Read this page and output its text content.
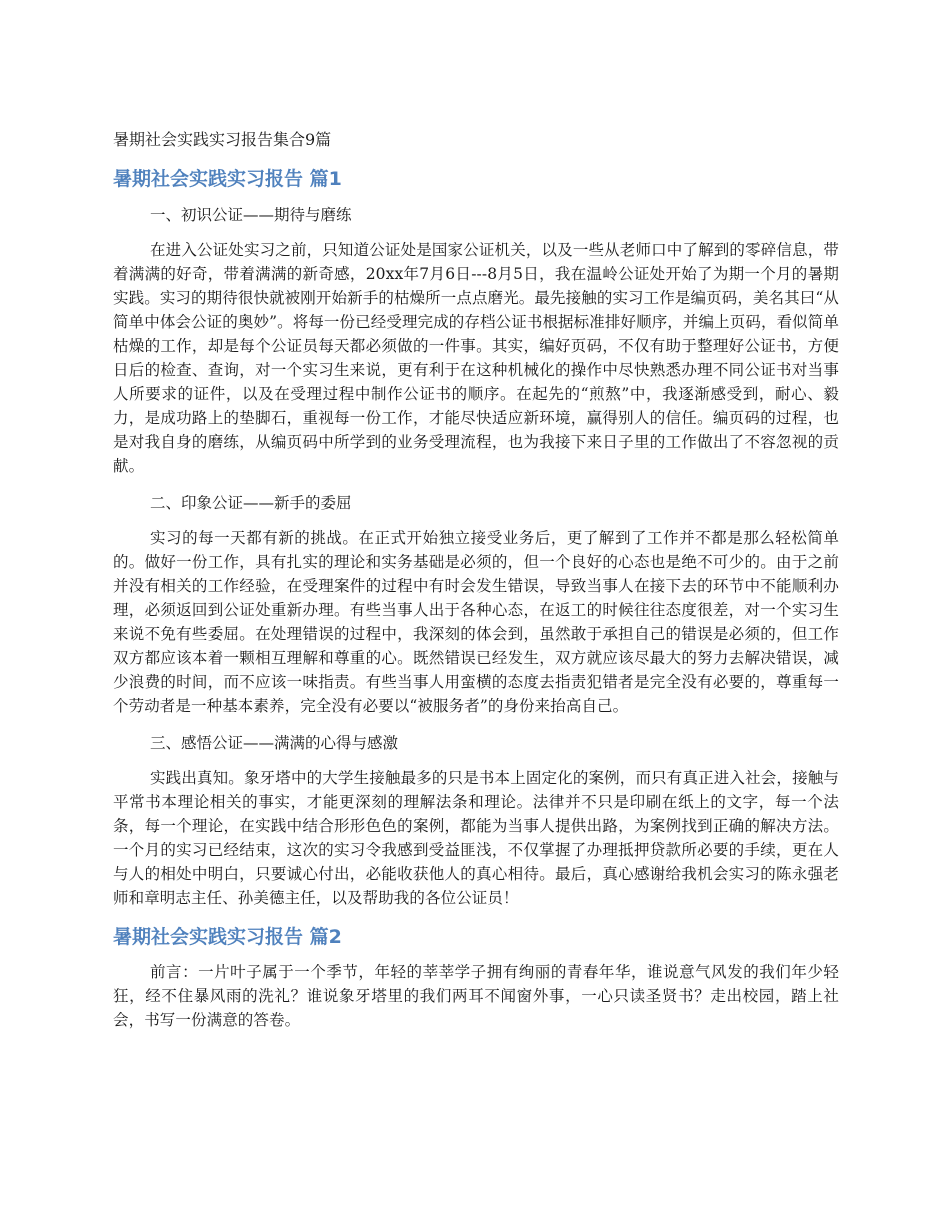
暑期社会实践实习报告集合9篇
暑期社会实践实习报告 篇1
一、初识公证——期待与磨练

在进入公证处实习之前，只知道公证处是国家公证机关，以及一些从老师口中了解到的零碎信息，带着满满的好奇，带着满满的新奇感，20xx年7月6日---8月5日，我在温岭公证处开始了为期一个月的暑期实践。实习的期待很快就被刚开始新手的枯燥所一点点磨光。最先接触的实习工作是编页码，美名其曰“从简单中体会公证的奥妙”。将每一份已经受理完成的存档公证书根据标准排好顺序，并编上页码，看似简单枯燥的工作，却是每个公证员每天都必须做的一件事。其实，编好页码，不仅有助于整理好公证书，方便日后的检查、查询，对一个实习生来说，更有利于在这种机械化的操作中尽快熟悉办理不同公证书对当事人所要求的证件，以及在受理过程中制作公证书的顺序。在起先的“煎熬”中，我逐渐感受到，耐心、毅力，是成功路上的垫脚石，重视每一份工作，才能尽快适应新环境，赢得别人的信任。编页码的过程，也是对我自身的磨练，从编页码中所学到的业务受理流程，也为我接下来日子里的工作做出了不容忽视的贡献。

二、印象公证——新手的委屈

实习的每一天都有新的挑战。在正式开始独立接受业务后，更了解到了工作并不都是那么轻松简单的。做好一份工作，具有扎实的理论和实务基础是必须的，但一个良好的心态也是绝不可少的。由于之前并没有相关的工作经验，在受理案件的过程中有时会发生错误，导致当事人在接下去的环节中不能顺利办理，必须返回到公证处重新办理。有些当事人出于各种心态，在返工的时候往往态度很差，对一个实习生来说不免有些委屈。在处理错误的过程中，我深刻的体会到，虽然敢于承担自己的错误是必须的，但工作双方都应该本着一颗相互理解和尊重的心。既然错误已经发生，双方就应该尽最大的努力去解决错误，减少浪费的时间，而不应该一味指责。有些当事人用蛮横的态度去指责犯错者是完全没有必要的，尊重每一个劳动者是一种基本素养，完全没有必要以“被服务者”的身份来抬高自己。

三、感悟公证——满满的心得与感激

实践出真知。象牙塔中的大学生接触最多的只是书本上固定化的案例，而只有真正进入社会，接触与平常书本理论相关的事实，才能更深刻的理解法条和理论。法律并不只是印刷在纸上的文字，每一个法条，每一个理论，在实践中结合形形色色的案例，都能为当事人提供出路，为案例找到正确的解决方法。一个月的实习已经结束，这次的实习令我感到受益匪浅，不仅掌握了办理抵押贷款所必要的手续，更在人与人的相处中明白，只要诚心付出，必能收获他人的真心相待。最后，真心感谢给我机会实习的陈永强老师和章明志主任、孙美德主任，以及帮助我的各位公证员！

暑期社会实践实习报告 篇2

前言：一片叶子属于一个季节，年轻的莘莘学子拥有绚丽的青春年华，谁说意气风发的我们年少轻狂，经不住暴风雨的洗礼？谁说象牙塔里的我们两耳不闻窗外事，一心只读圣贤书？走出校园，踏上社会，书写一份满意的答卷。
